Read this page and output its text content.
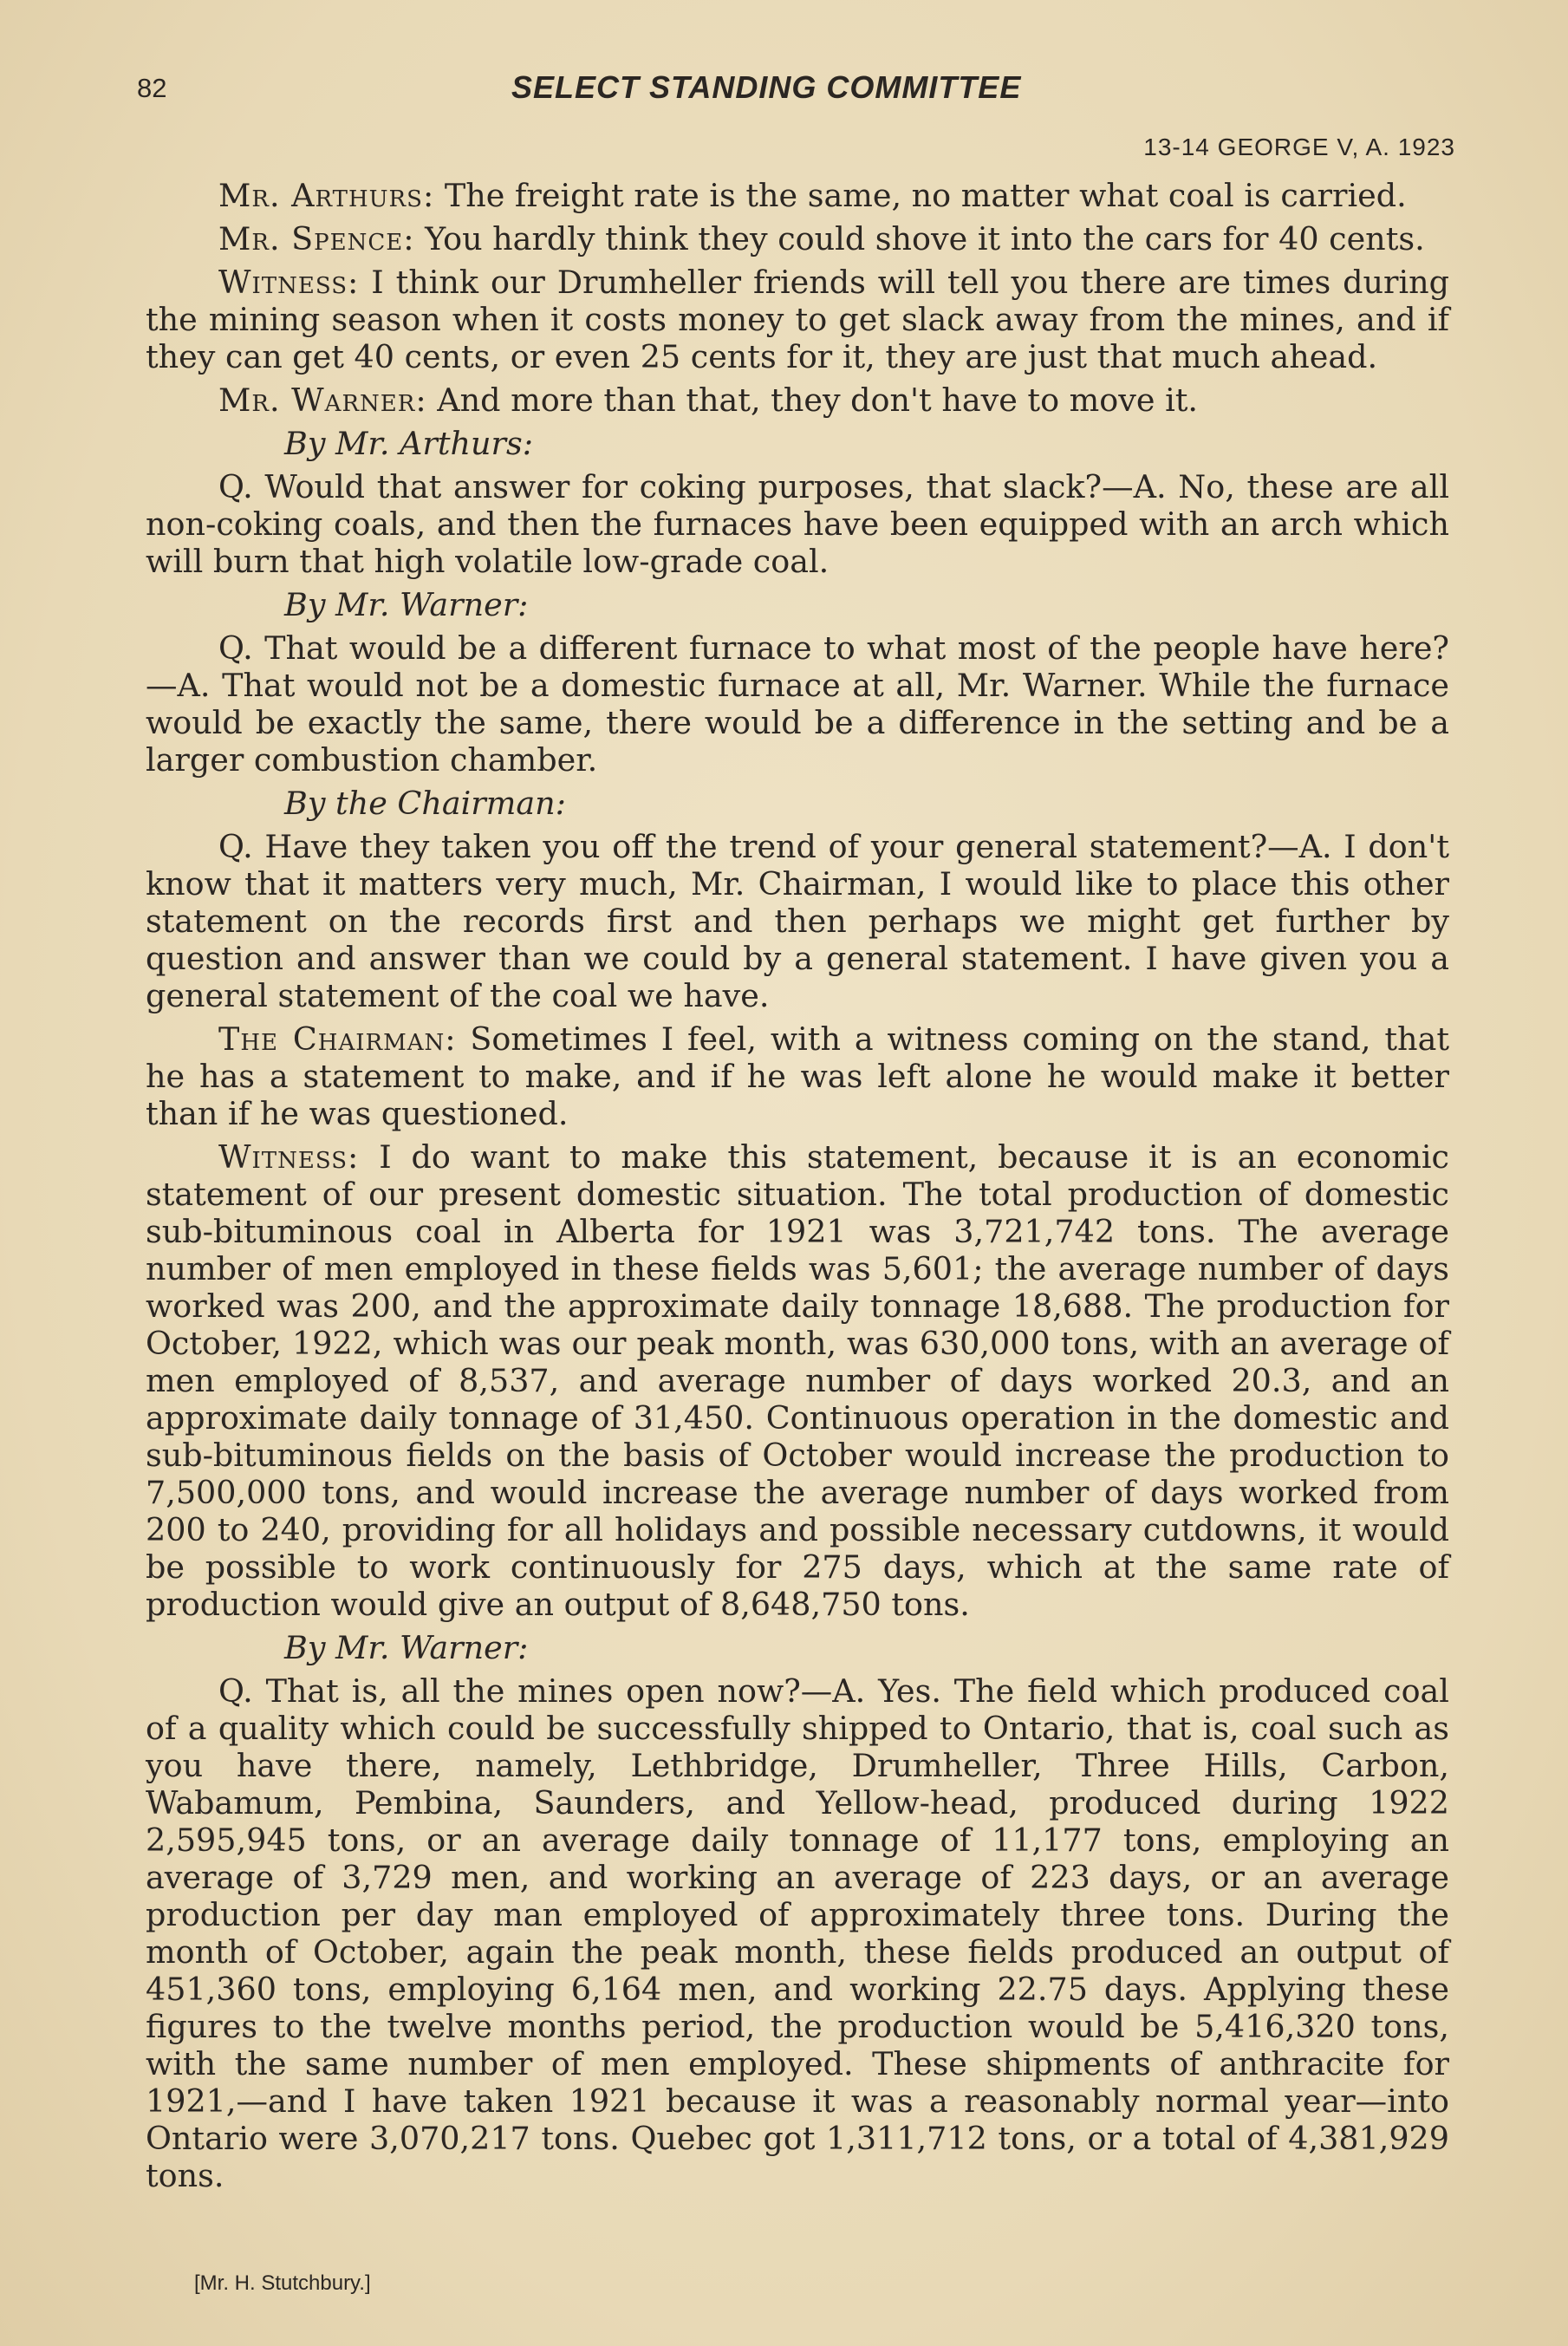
82	SELECT STANDING COMMITTEE
13-14 GEORGE V, A. 1923

Mr. Arthurs: The freight rate is the same, no matter what coal is carried.

Mr. Spence: You hardly think they could shove it into the cars for 40 cents.

Witness: I think our Drumheller friends will tell you there are times during the mining season when it costs money to get slack away from the mines, and if they can get 40 cents, or even 25 cents for it, they are just that much ahead.

Mr. Warner: And more than that, they don't have to move it.

By Mr. Arthurs:

Q. Would that answer for coking purposes, that slack?—A. No, these are all non-coking coals, and then the furnaces have been equipped with an arch which will burn that high volatile low-grade coal.

By Mr. Warner:

Q. That would be a different furnace to what most of the people have here?—A. That would not be a domestic furnace at all, Mr. Warner. While the furnace would be exactly the same, there would be a difference in the setting and be a larger combustion chamber.

By the Chairman:

Q. Have they taken you off the trend of your general statement?—A. I don't know that it matters very much, Mr. Chairman, I would like to place this other statement on the records first and then perhaps we might get further by question and answer than we could by a general statement. I have given you a general statement of the coal we have.

The Chairman: Sometimes I feel, with a witness coming on the stand, that he has a statement to make, and if he was left alone he would make it better than if he was questioned.

Witness: I do want to make this statement, because it is an economic statement of our present domestic situation. The total production of domestic sub-bituminous coal in Alberta for 1921 was 3,721,742 tons. The average number of men employed in these fields was 5,601; the average number of days worked was 200, and the approximate daily tonnage 18,688. The production for October, 1922, which was our peak month, was 630,000 tons, with an average of men employed of 8,537, and average number of days worked 20.3, and an approximate daily tonnage of 31,450. Continuous operation in the domestic and sub-bituminous fields on the basis of October would increase the production to 7,500,000 tons, and would increase the average number of days worked from 200 to 240, providing for all holidays and possible necessary cutdowns, it would be possible to work continuously for 275 days, which at the same rate of production would give an output of 8,648,750 tons.

By Mr. Warner:

Q. That is, all the mines open now?—A. Yes. The field which produced coal of a quality which could be successfully shipped to Ontario, that is, coal such as you have there, namely, Lethbridge, Drumheller, Three Hills, Carbon, Wabamum, Pembina, Saunders, and Yellow-head, produced during 1922 2,595,945 tons, or an average daily tonnage of 11,177 tons, employing an average of 3,729 men, and working an average of 223 days, or an average production per day man employed of approximately three tons. During the month of October, again the peak month, these fields produced an output of 451,360 tons, employing 6,164 men, and working 22.75 days. Applying these figures to the twelve months period, the production would be 5,416,320 tons, with the same number of men employed. These shipments of anthracite for 1921,—and I have taken 1921 because it was a reasonably normal year—into Ontario were 3,070,217 tons. Quebec got 1,311,712 tons, or a total of 4,381,929 tons.

[Mr. H. Stutchbury.]
